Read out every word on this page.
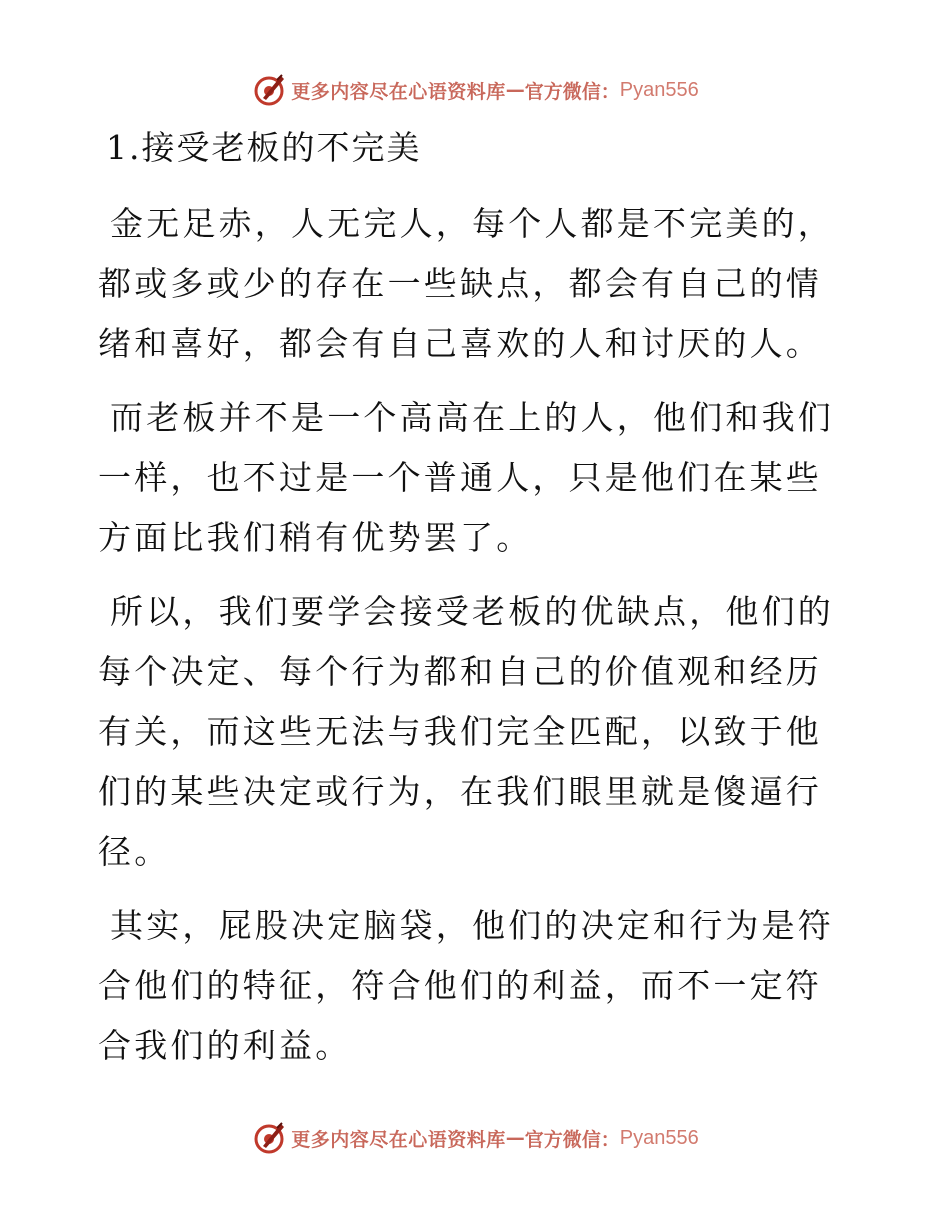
更多内容尽在心语资料库 — 官方微信： Pyan556
1.接受老板的不完美

金无足赤，人无完人，每个人都是不完美的，都或多或少的存在一些缺点，都会有自己的情绪和喜好，都会有自己喜欢的人和讨厌的人。

而老板并不是一个高高在上的人，他们和我们一样，也不过是一个普通人，只是他们在某些方面比我们稍有优势罢了。

所以，我们要学会接受老板的优缺点，他们的每个决定、每个行为都和自己的价值观和经历有关，而这些无法与我们完全匹配，以致于他们的某些决定或行为，在我们眼里就是傻逼行径。

其实，屁股决定脑袋，他们的决定和行为是符合他们的特征，符合他们的利益，而不一定符合我们的利益。

更多内容尽在心语资料库 — 官方微信： Pyan556
